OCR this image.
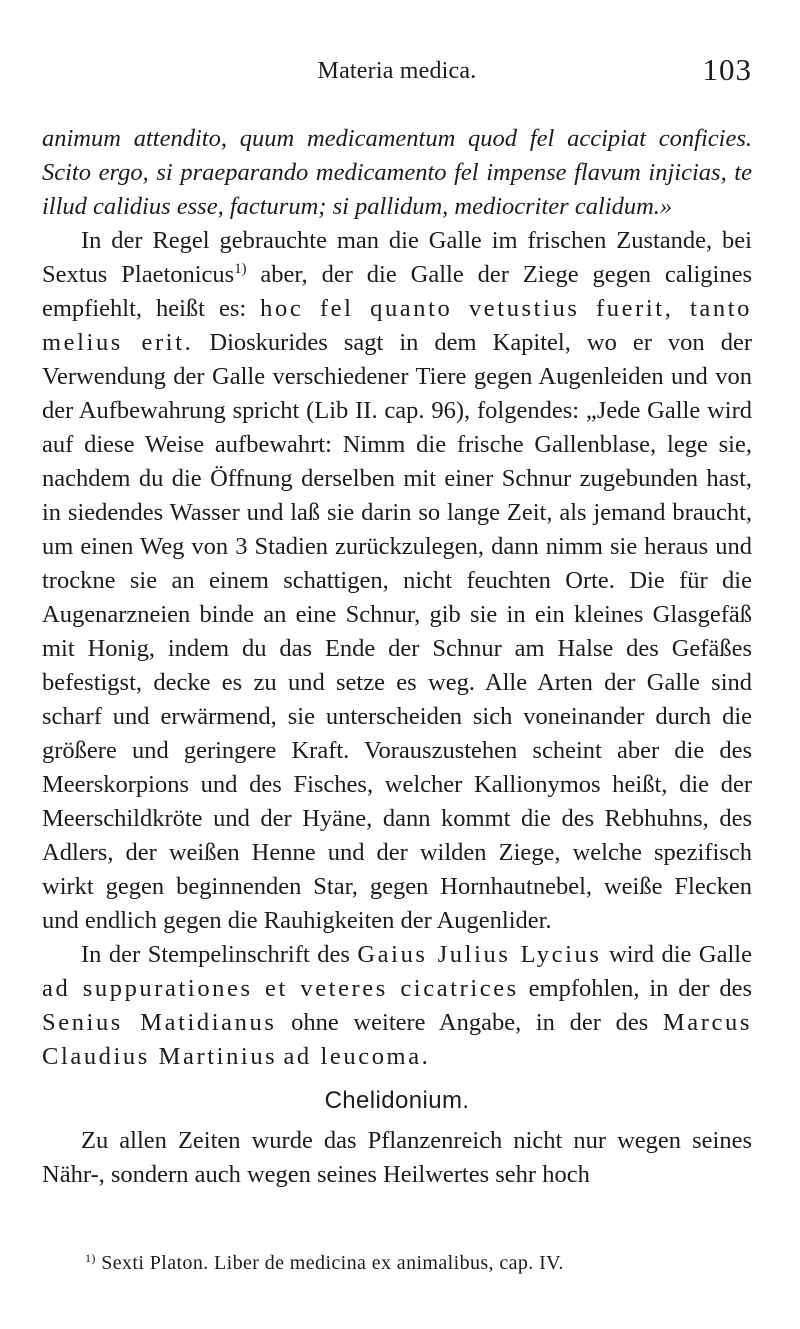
Materia medica.	103

animum attendito, quum medicamentum quod fel accipiat conficies. Scito ergo, si praeparando medicamento fel impense flavum injicias, te illud calidius esse, facturum; si pallidum, mediocriter calidum.»

In der Regel gebrauchte man die Galle im frischen Zustande, bei Sextus Plaetonicus$^{1)}$ aber, der die Galle der Ziege gegen caligines empfiehlt, heißt es: hoc fel quanto vetustius fuerit, tanto melius erit. Dioskurides sagt in dem Kapitel, wo er von der Verwendung der Galle verschiedener Tiere gegen Augenleiden und von der Aufbewahrung spricht (Lib II. cap. 96), folgendes: „Jede Galle wird auf diese Weise aufbewahrt: Nimm die frische Gallenblase, lege sie, nachdem du die Öffnung derselben mit einer Schnur zugebunden hast, in siedendes Wasser und laß sie darin so lange Zeit, als jemand braucht, um einen Weg von 3 Stadien zurückzulegen, dann nimm sie heraus und trockne sie an einem schattigen, nicht feuchten Orte. Die für die Augenarzneien binde an eine Schnur, gib sie in ein kleines Glasgefäß mit Honig, indem du das Ende der Schnur am Halse des Gefäßes befestigst, decke es zu und setze es weg. Alle Arten der Galle sind scharf und erwärmend, sie unterscheiden sich voneinander durch die größere und geringere Kraft. Vorauszustehen scheint aber die des Meerskorpions und des Fisches, welcher Kallionymos heißt, die der Meerschildkröte und der Hyäne, dann kommt die des Rebhuhns, des Adlers, der weißen Henne und der wilden Ziege, welche spezifisch wirkt gegen beginnenden Star, gegen Hornhautnebel, weiße Flecken und endlich gegen die Rauhigkeiten der Augenlider.

In der Stempelinschrift des Gaius Julius Lycius wird die Galle ad suppurationes et veteres cicatrices empfohlen, in der des Senius Matidianus ohne weitere Angabe, in der des Marcus Claudius Martinius ad leucoma.

Chelidonium.

Zu allen Zeiten wurde das Pflanzenreich nicht nur wegen seines Nähr-, sondern auch wegen seines Heilwertes sehr hoch

$^{1)}$ Sexti Platon. Liber de medicina ex animalibus, cap. IV.
